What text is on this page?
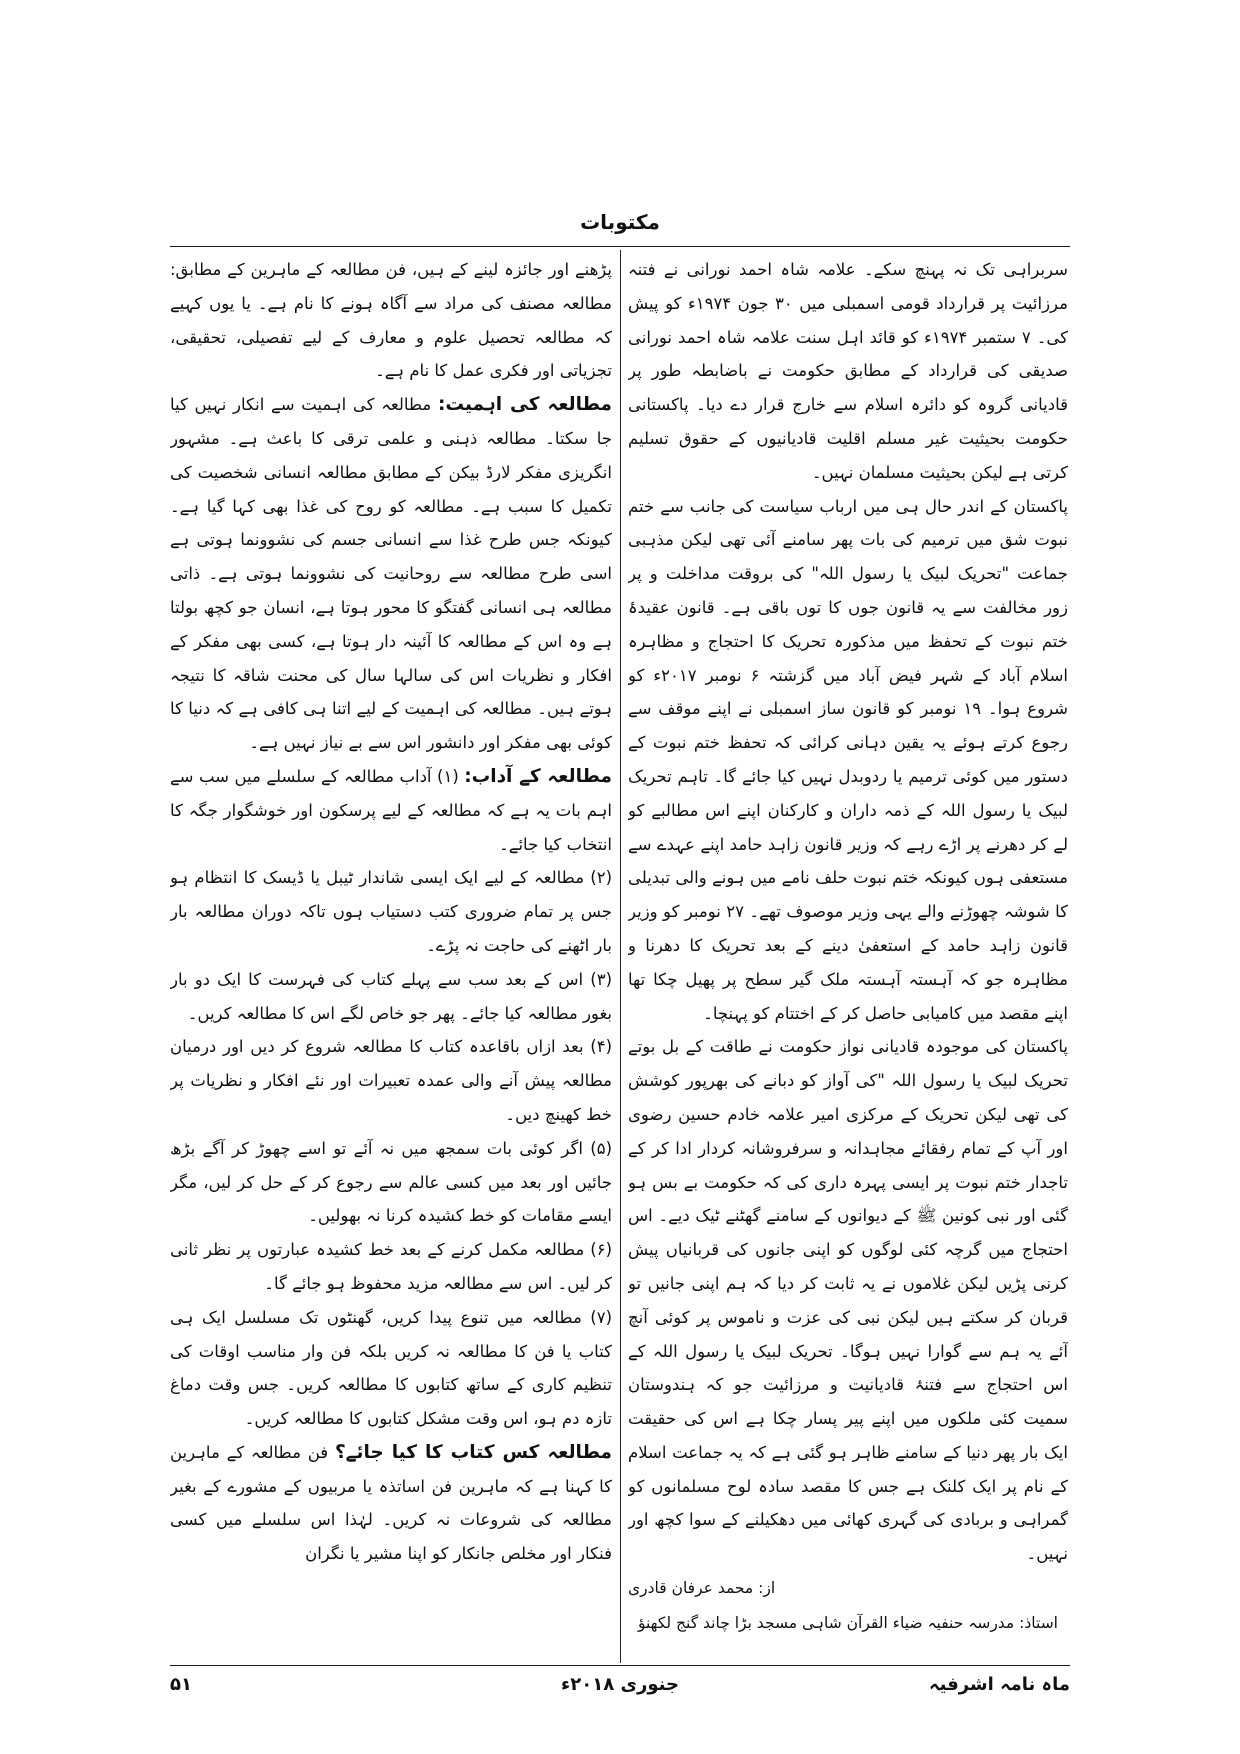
مکتوبات

سربراہی تک نہ پہنچ سکے۔ علامہ شاہ احمد نورانی نے فتنہ مرزائیت پر قرارداد قومی اسمبلی میں ۳۰ جون ۱۹۷۴ء کو پیش کی۔ ۷ ستمبر ۱۹۷۴ء کو قائد اہل سنت علامہ شاہ احمد نورانی صدیقی کی قرارداد کے مطابق حکومت نے باضابطہ طور پر قادیانی گروہ کو دائرہ اسلام سے خارج قرار دے دیا۔ پاکستانی حکومت بحیثیت غیر مسلم اقلیت قادیانیوں کے حقوق تسلیم کرتی ہے لیکن بحیثیت مسلمان نہیں۔

پاکستان کے اندر حال ہی میں ارباب سیاست کی جانب سے ختم نبوت شق میں ترمیم کی بات پھر سامنے آئی تھی لیکن مذہبی جماعت "تحریک لبیک یا رسول اللہ" کی بروقت مداخلت و پر زور مخالفت سے یہ قانون جوں کا توں باقی ہے۔ قانون عقیدۂ ختم نبوت کے تحفظ میں مذکورہ تحریک کا احتجاج و مظاہرہ اسلام آباد کے شہر فیض آباد میں گزشتہ ۶ نومبر ۲۰۱۷ء کو شروع ہوا۔ ۱۹ نومبر کو قانون ساز اسمبلی نے اپنے موقف سے رجوع کرتے ہوئے یہ یقین دہانی کرائی کہ تحفظ ختم نبوت کے دستور میں کوئی ترمیم یا ردوبدل نہیں کیا جائے گا۔ تاہم تحریک لبیک یا رسول اللہ کے ذمہ داران و کارکنان اپنے اس مطالبے کو لے کر دھرنے پر اڑے رہے کہ وزیر قانون زاہد حامد اپنے عہدے سے مستعفی ہوں کیونکہ ختم نبوت حلف نامے میں ہونے والی تبدیلی کا شوشہ چھوڑنے والے یہی وزیر موصوف تھے۔ ۲۷ نومبر کو وزیر قانون زاہد حامد کے استعفیٰ دینے کے بعد تحریک کا دھرنا و مظاہرہ جو کہ آہستہ آہستہ ملک گیر سطح پر پھیل چکا تھا اپنے مقصد میں کامیابی حاصل کر کے اختتام کو پہنچا۔

پاکستان کی موجودہ قادیانی نواز حکومت نے طاقت کے بل بوتے تحریک لبیک یا رسول اللہ "کی آواز کو دبانے کی بھرپور کوشش کی تھی لیکن تحریک کے مرکزی امیر علامہ خادم حسین رضوی اور آپ کے تمام رفقائے مجاہدانہ و سرفروشانہ کردار ادا کر کے تاجدار ختم نبوت پر ایسی پہرہ داری کی کہ حکومت بے بس ہو گئی اور نبی کونین ﷺ کے دیوانوں کے سامنے گھٹنے ٹیک دیے۔ اس احتجاج میں گرچہ کئی لوگوں کو اپنی جانوں کی قربانیاں پیش کرنی پڑیں لیکن غلاموں نے یہ ثابت کر دیا کہ ہم اپنی جانیں تو قربان کر سکتے ہیں لیکن نبی کی عزت و ناموس پر کوئی آنچ آئے یہ ہم سے گوارا نہیں ہوگا۔ تحریک لبیک یا رسول اللہ کے اس احتجاج سے فتنۂ قادیانیت و مرزائیت جو کہ ہندوستان سمیت کئی ملکوں میں اپنے پیر پسار چکا ہے اس کی حقیقت ایک بار پھر دنیا کے سامنے ظاہر ہو گئی ہے کہ یہ جماعت اسلام کے نام پر ایک کلنک ہے جس کا مقصد سادہ لوح مسلمانوں کو گمراہی و بربادی کی گہری کھائی میں دھکیلنے کے سوا کچھ اور نہیں۔

از: محمد عرفان قادری

استاذ: مدرسہ حنفیہ ضیاء القرآن شاہی مسجد بڑا چاند گنج لکھنؤ

پڑھنے اور جائزہ لینے کے ہیں، فن مطالعہ کے ماہرین کے مطابق: مطالعہ مصنف کی مراد سے آگاہ ہونے کا نام ہے۔ یا یوں کہیے کہ مطالعہ تحصیل علوم و معارف کے لیے تفصیلی، تحقیقی، تجزیاتی اور فکری عمل کا نام ہے۔

مطالعہ کی اہمیت: مطالعہ کی اہمیت سے انکار نہیں کیا جا سکتا۔ مطالعہ ذہنی و علمی ترقی کا باعث ہے۔ مشہور انگریزی مفکر لارڈ بیکن کے مطابق مطالعہ انسانی شخصیت کی تکمیل کا سبب ہے۔ مطالعہ کو روح کی غذا بھی کہا گیا ہے۔ کیونکہ جس طرح غذا سے انسانی جسم کی نشوونما ہوتی ہے اسی طرح مطالعہ سے روحانیت کی نشوونما ہوتی ہے۔ ذاتی مطالعہ ہی انسانی گفتگو کا محور ہوتا ہے، انسان جو کچھ بولتا ہے وہ اس کے مطالعہ کا آئینہ دار ہوتا ہے، کسی بھی مفکر کے افکار و نظریات اس کی سالہا سال کی محنت شاقہ کا نتیجہ ہوتے ہیں۔ مطالعہ کی اہمیت کے لیے اتنا ہی کافی ہے کہ دنیا کا کوئی بھی مفکر اور دانشور اس سے بے نیاز نہیں ہے۔

مطالعہ کے آداب: (۱) آداب مطالعہ کے سلسلے میں سب سے اہم بات یہ ہے کہ مطالعہ کے لیے پرسکون اور خوشگوار جگہ کا انتخاب کیا جائے۔

(۲) مطالعہ کے لیے ایک ایسی شاندار ٹیبل یا ڈیسک کا انتظام ہو جس پر تمام ضروری کتب دستیاب ہوں تاکہ دوران مطالعہ بار بار اٹھنے کی حاجت نہ پڑے۔

(۳) اس کے بعد سب سے پہلے کتاب کی فہرست کا ایک دو بار بغور مطالعہ کیا جائے۔ پھر جو خاص لگے اس کا مطالعہ کریں۔

(۴) بعد ازاں باقاعدہ کتاب کا مطالعہ شروع کر دیں اور درمیان مطالعہ پیش آنے والی عمدہ تعبیرات اور نئے افکار و نظریات پر خط کھینچ دیں۔

(۵) اگر کوئی بات سمجھ میں نہ آئے تو اسے چھوڑ کر آگے بڑھ جائیں اور بعد میں کسی عالم سے رجوع کر کے حل کر لیں، مگر ایسے مقامات کو خط کشیدہ کرنا نہ بھولیں۔

(۶) مطالعہ مکمل کرنے کے بعد خط کشیدہ عبارتوں پر نظر ثانی کر لیں۔ اس سے مطالعہ مزید محفوظ ہو جائے گا۔

(۷) مطالعہ میں تنوع پیدا کریں، گھنٹوں تک مسلسل ایک ہی کتاب یا فن کا مطالعہ نہ کریں بلکہ فن وار مناسب اوقات کی تنظیم کاری کے ساتھ کتابوں کا مطالعہ کریں۔ جس وقت دماغ تازہ دم ہو، اس وقت مشکل کتابوں کا مطالعہ کریں۔

مطالعہ کس کتاب کا کیا جائے؟ فن مطالعہ کے ماہرین کا کہنا ہے کہ ماہرین فن اساتذہ یا مربیوں کے مشورے کے بغیر مطالعہ کی شروعات نہ کریں۔ لہٰذا اس سلسلے میں کسی فنکار اور مخلص جانکار کو اپنا مشیر یا نگران

ماہ نامہ اشرفیہ
جنوری ۲۰۱۸ء
۵۱
